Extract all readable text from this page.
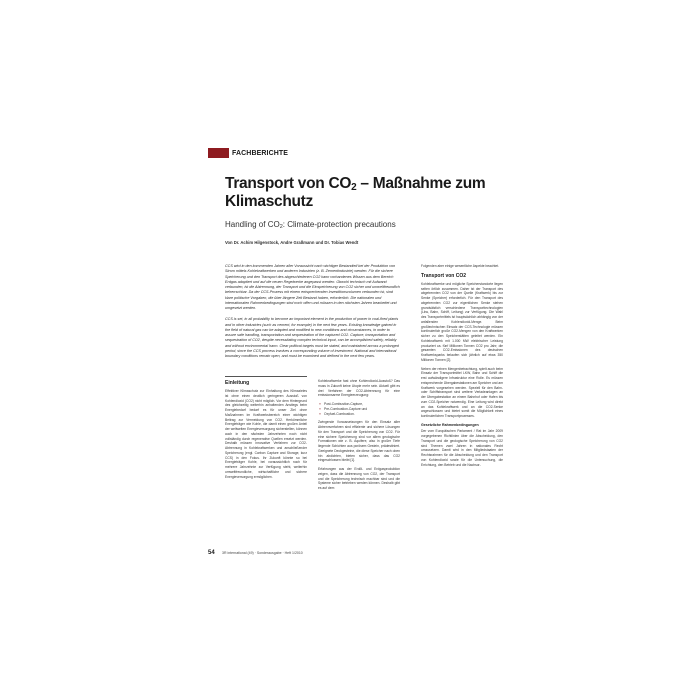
FACHBERICHTE
Transport von $CO_2$ – Maßnahme zum Klimaschutz
Handling of $CO_2$: Climate-protection precautions
Von Dr. Achim Hilgenstock, Andre Graßmann und Dr. Tobias Wendt

CCS wird in den kommenden Jahren aller Voraussicht nach wichtiger Bestandteil bei der Produktion von Strom mittels Kohlekraftwerken und anderen Industrien (z. B. Zementindustrie) werden. Für die sichere Speicherung und den Transport des abgeschiedenen CO2 kann vorhandenes Wissen aus dem Bereich Erdgas adaptiert und auf die neuen Regelwerke angepasst werden. Obwohl technisch mit Aufwand verbunden, ist die Abtrennung, der Transport und die Einspeicherung von CO2 sicher und umweltfreundlich beherrschbar. Da der CCS-Prozess mit einem entsprechenden Investitionsvolumen verbunden ist, sind klare politische Vorgaben, die über längere Zeit Bestand haben, erforderlich. Die nationalen und internationalen Rahmenbedingungen sind noch offen und müssen in den nächsten Jahren bearbeitet und umgesetzt werden.

CCS is set, in all probability to become an important element in the production of power in coal-fired plants and in other industries (such as cement, for example) in the next few years. Existing knowledge gained in the field of natural gas can be adapted and modified to new conditions and circumstances, in order to assure safe handling, transportation and sequestration of the captured CO2. Capture, transportation and sequestration of CO2, despite necessitating complex technical input, can be accomplished safely, reliably and without environmental harm. Clear political targets must be stated, and maintained across a prolonged period, since the CCS process involves a corresponding volume of investment. National and international boundary conditions remain open, and must be examined and defined in the next few years.

Einleitung

Effektiver Klimaschutz zur Einhaltung des Klimazieles ist ohne einen deutlich geringeren Ausstoß von Kohlendioxid (CO2) nicht möglich. Vor dem Hintergrund des gleichzeitig weiterhin anhaltenden Anstiegs beim Energiebedarf bedarf es für unser Ziel ohne Maßnahmen im Kraftwerksbereich einer wichtigen Beitrag zur Vermeidung von CO2. Herkömmliche Energieträger wie Kohle, die damit einen großen Anteil der weltweiten Energieversorgung sicherstellen, können auch in den nächsten Jahrzehnten noch nicht vollständig durch regenerative Quellen ersetzt werden. Deshalb müssen innovative Verfahren zur CO2-Abtrennung in Kohlekraftwerken und anschließender Speicherung (engl. Carbon Capture and Storage, kurz CCS) in den Fokus. Ihr Zukunft könnte so bei Energieträger Kohle, bei voraussichtlich noch für mehrere Jahrzehnte zur Verfügung steht, weiterhin umweltfreundliche, wirtschaftliche und sichere Energieversorgung ermöglichen.

Kohlekraftwerke fast ohne Kohlendioxid-Ausstoß? Das muss in Zukunft keine Utopie mehr sein. Aktuell gibt es drei Verfahren der CO2-Abtrennung für eine emissionsarme Energieerzeugung:

» Post-Combustion-Capture,
» Pre-Combustion-Capture und
» Oxyfuel-Combustion.

Zwingende Voraussetzungen für den Einsatz aller Abtrennverfahren sind effiziente und sichere Lösungen für den Transport und die Speicherung von CO2. Für eine sichere Speicherung sind vor allem geologische Formationen wie z. B. Aquifere, also in großer Tiefe liegende Schichten aus porösem Gestein, prädestiniert. Geeignete Deckgesteine, die diese Speicher nach oben hin abdichten, bieten sicher, dass das CO2 eingeschlossen bleibt [1].

Erfahrungen aus der Erdöl- und Erdgasproduktion zeigen, dass die Abtrennung von CO2, der Transport und die Speicherung technisch machbar sind und die Systeme sicher betrieben werden können. Deshalb gibt es auf dem

Folgenden aber einige wesentliche Aspekte beachtet.

Transport von CO2

Kohlekraftwerke und mögliche Speicherstandorte liegen selten örtlich zusammen. Daher ist der Transport des abgetrennten CO2 von der Quelle (Kraftwerk) bis zur Senke (Speicher) erforderlich. Für den Transport des abgetrennten CO2 zur eigentlichen Senke stehen grundsätzlich verschiedene Transporttechnologien (Lkw, Bahn, Schiff, Leitung) zur Verfügung. Die Wahl des Transportmittels ist hauptsächlich abhängig von der anfallenden Kohlendioxid-Menge. Beim großtechnischen Einsatz der CCS-Technologie müssen kontinuierlich große CO2-Mengen von den Kraftwerken sicher zu den Speicherstätten geleitet werden. Ein Kohlekraftwerk mit 1.000 MW elektrischer Leistung produziert ca. fünf Millionen Tonnen CO2 pro Jahr; die gesamten CO2-Emissionen des deutschen Kraftwerksparks belaufen sich jährlich auf etwa 350 Millionen Tonnen [2].

Neben der reinen Mengenbetrachtung, spielt auch beim Einsatz der Transportmittel LKW, Bahn und Schiff die erst aufwändigere Infrastruktur eine Rolle. Es müssen entsprechende Übergabestationen am Speicher und am Kraftwerk vorgesehen werden. Speziell für den Bahn- oder Schiffstransport sind weitere Verladeanlagen an der Übergabestation an einem Bahnhof oder Hafen bis zum CO2-Speicher notwendig. Eine Leitung wird direkt an das Kohlekraftwerk und an die CO2-Senke angeschlossen und bietet somit die Möglichkeit eines kontinuierlichen Transportprozesses.

Gesetzliche Rahmenbedingungen

Der vom Europäischen Parlament / Rat im Jahr 2009 vorgegebenen Richtlinien über die Abscheidung, den Transport und die geologische Speicherung von CO2 sind Themen zwei Jahren in nationales Recht umzusetzen. Damit wird in den Mitgliedstaaten der Rechtsrahmen für die Abscheidung und den Transport von Kohlendioxid sowie für die Untersuchung, die Errichtung, den Betrieb und die Nachsor-

54	3R international (49) · Sonderausgabe · Heft 1/2010
